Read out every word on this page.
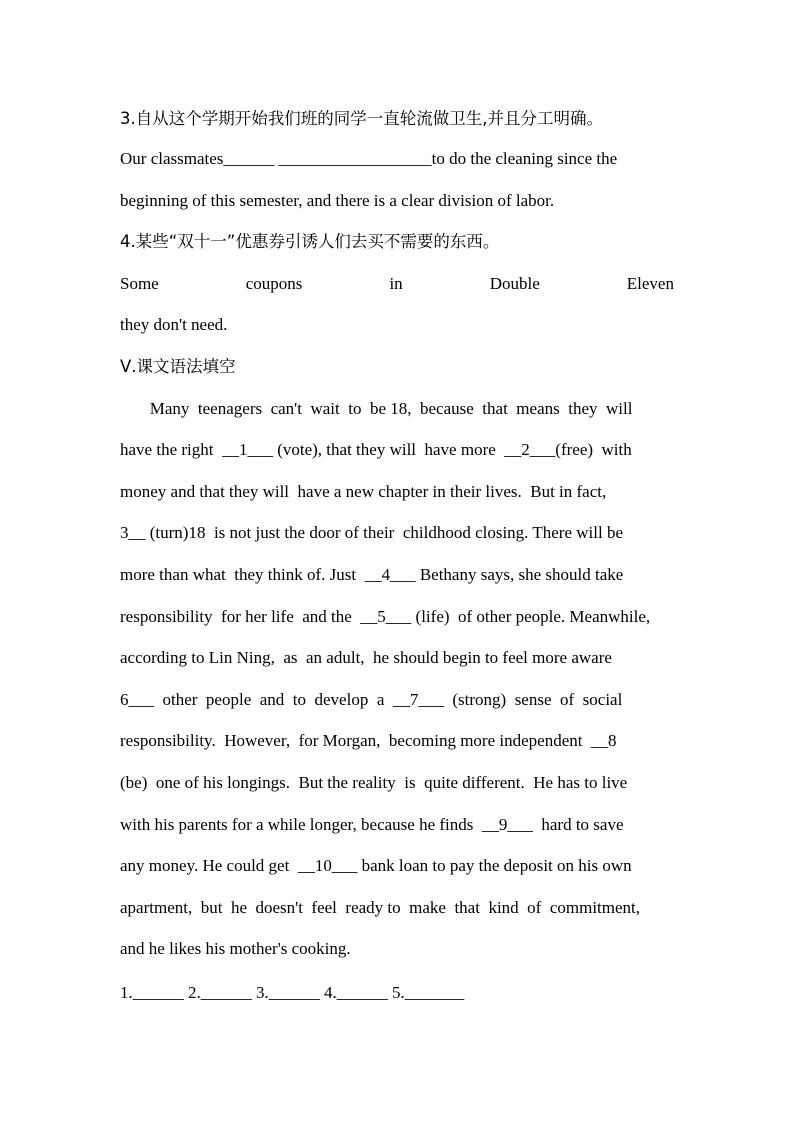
3.自从这个学期开始我们班的同学一直轮流做卫生,并且分工明确。
Our classmates______ __________________to do the cleaning since the
beginning of this semester, and there is a clear division of labor.
4.某些“双十一”优惠券引诱人们去买不需要的东西。
Some	coupons	in	Double	Eleven
they don't need.
Ⅴ.课文语法填空
Many  teenagers  can't  wait  to  be 18,  because  that  means  they  will
have the right  __1___ (vote), that they will  have more  __2___(free)  with
money and that they will  have a new chapter in their lives.  But in fact,
3__ (turn)18  is not just the door of their  childhood closing. There will be
more than what  they think of. Just  __4___ Bethany says, she should take
responsibility  for her life  and the  __5___ (life)  of other people. Meanwhile,
according to Lin Ning,  as  an adult,  he should begin to feel more aware
6___  other  people  and  to  develop  a  __7___  (strong)  sense  of  social
responsibility.  However,  for Morgan,  becoming more independent  __8
(be)  one of his longings.  But the reality  is  quite different.  He has to live
with his parents for a while longer, because he finds  __9___  hard to save
any money. He could get  __10___ bank loan to pay the deposit on his own
apartment,  but  he  doesn't  feel  ready to  make  that  kind  of  commitment,
and he likes his mother's cooking.
1.______ 2.______ 3.______ 4.______ 5._______
